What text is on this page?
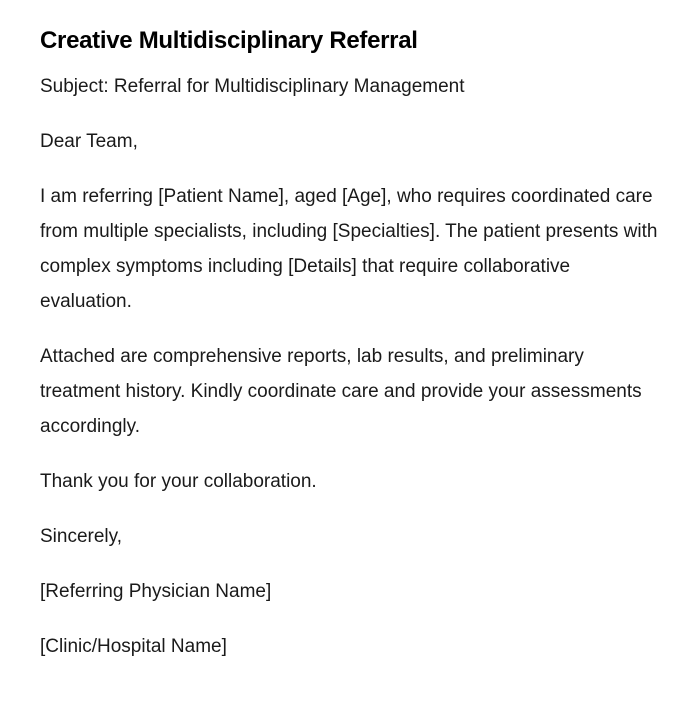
Creative Multidisciplinary Referral

Subject: Referral for Multidisciplinary Management

Dear Team,

I am referring [Patient Name], aged [Age], who requires coordinated care from multiple specialists, including [Specialties]. The patient presents with complex symptoms including [Details] that require collaborative evaluation.

Attached are comprehensive reports, lab results, and preliminary treatment history. Kindly coordinate care and provide your assessments accordingly.

Thank you for your collaboration.

Sincerely,

[Referring Physician Name]

[Clinic/Hospital Name]
